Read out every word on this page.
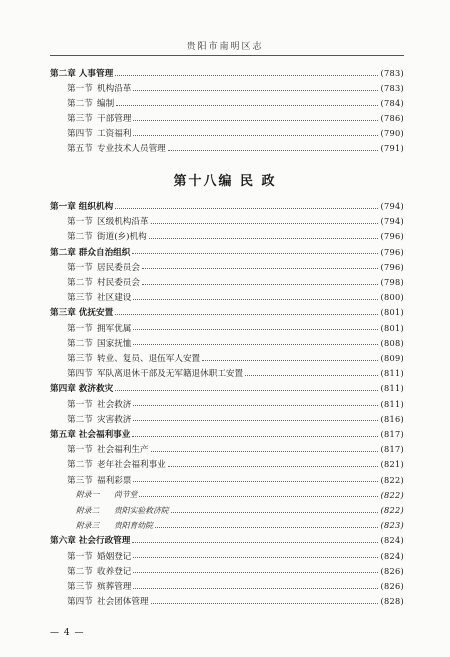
贵阳市南明区志
第二章 人事管理	(783)
第一节 机构沿革	(783)
第二节 编制	(784)
第三节 干部管理	(786)
第四节 工资福利	(790)
第五节 专业技术人员管理	(791)
第十八编 民 政
第一章 组织机构	(794)
第一节 区级机构沿革	(794)
第二节 街道(乡)机构	(796)
第二章 群众自治组织	(796)
第一节 居民委员会	(796)
第二节 村民委员会	(798)
第三节 社区建设	(800)
第三章 优抚安置	(801)
第一节 拥军优属	(801)
第二节 国家抚恤	(808)
第三节 转业、复员、退伍军人安置	(809)
第四节 军队离退休干部及无军籍退休职工安置	(811)
第四章 救济救灾	(811)
第一节 社会救济	(811)
第二节 灾害救济	(816)
第五章 社会福利事业	(817)
第一节 社会福利生产	(817)
第二节 老年社会福利事业	(821)
第三节 福利彩票	(822)
附录一 尚节堂	(822)
附录二 贵阳实验救济院	(822)
附录三 贵阳育幼院	(823)
第六章 社会行政管理	(824)
第一节 婚姻登记	(824)
第二节 收养登记	(826)
第三节 殡葬管理	(826)
第四节 社会团体管理	(828)
— 4 —
